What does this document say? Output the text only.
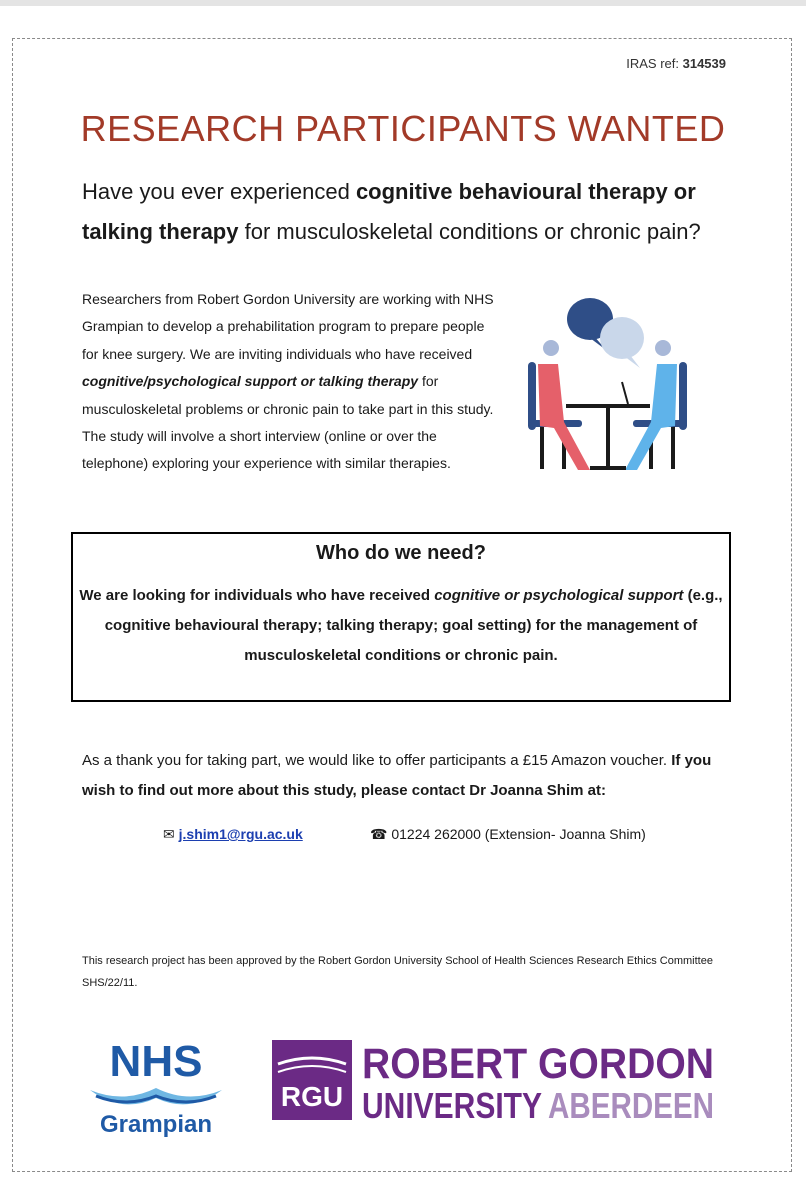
IRAS ref: 314539
RESEARCH PARTICIPANTS WANTED
Have you ever experienced cognitive behavioural therapy or talking therapy for musculoskeletal conditions or chronic pain?
Researchers from Robert Gordon University are working with NHS Grampian to develop a prehabilitation program to prepare people for knee surgery. We are inviting individuals who have received cognitive/psychological support or talking therapy for musculoskeletal problems or chronic pain to take part in this study. The study will involve a short interview (online or over the telephone) exploring your experience with similar therapies.
Who do we need?
We are looking for individuals who have received cognitive or psychological support (e.g., cognitive behavioural therapy; talking therapy; goal setting) for the management of musculoskeletal conditions or chronic pain.
As a thank you for taking part, we would like to offer participants a £15 Amazon voucher. If you wish to find out more about this study, please contact Dr Joanna Shim at:
✉ j.shim1@rgu.ac.uk	☎ 01224 262000 (Extension- Joanna Shim)
This research project has been approved by the Robert Gordon University School of Health Sciences Research Ethics Committee SHS/22/11.
NHS
Grampian
RGU
ROBERT GORDON
UNIVERSITY ABERDEEN
